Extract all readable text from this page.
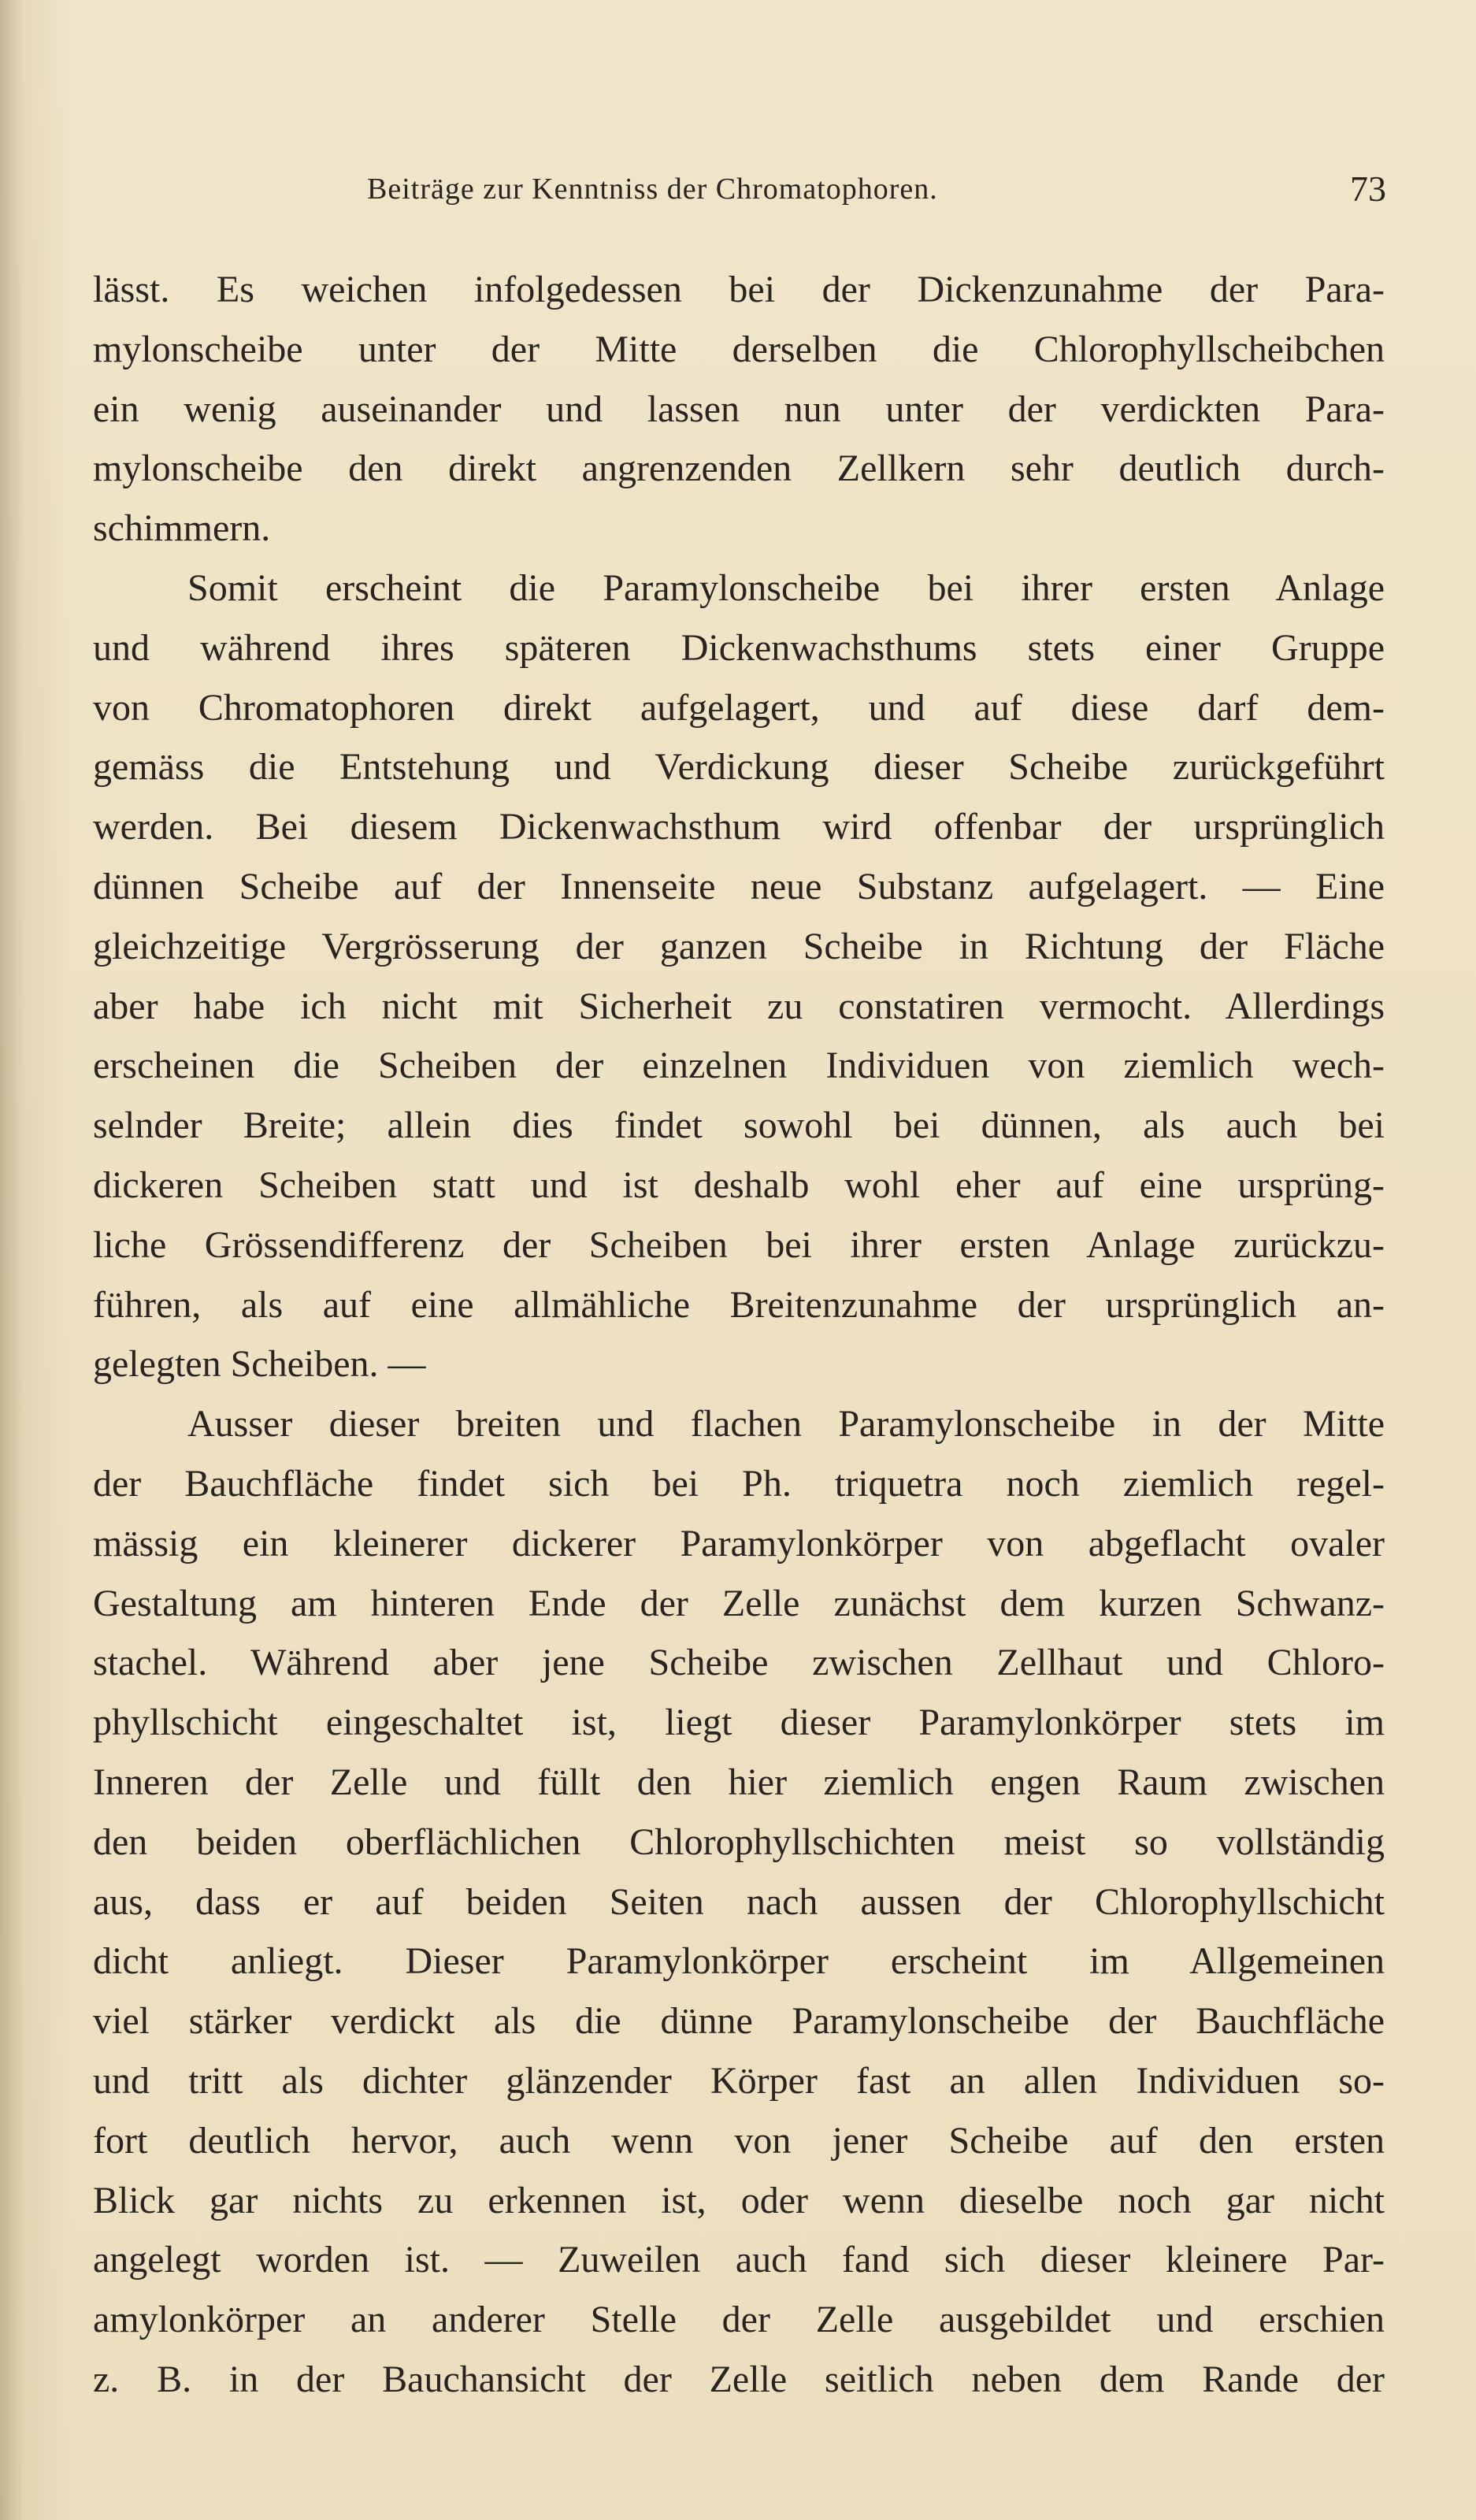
Beiträge zur Kenntniss der Chromatophoren.	73
lässt. Es weichen infolgedessen bei der Dickenzunahme der Para-
mylonscheibe unter der Mitte derselben die Chlorophyllscheibchen
ein wenig auseinander und lassen nun unter der verdickten Para-
mylonscheibe den direkt angrenzenden Zellkern sehr deutlich durch-
schimmern.
Somit erscheint die Paramylonscheibe bei ihrer ersten Anlage
und während ihres späteren Dickenwachsthums stets einer Gruppe
von Chromatophoren direkt aufgelagert, und auf diese darf dem-
gemäss die Entstehung und Verdickung dieser Scheibe zurückgeführt
werden. Bei diesem Dickenwachsthum wird offenbar der ursprünglich
dünnen Scheibe auf der Innenseite neue Substanz aufgelagert. — Eine
gleichzeitige Vergrösserung der ganzen Scheibe in Richtung der Fläche
aber habe ich nicht mit Sicherheit zu constatiren vermocht. Allerdings
erscheinen die Scheiben der einzelnen Individuen von ziemlich wech-
selnder Breite; allein dies findet sowohl bei dünnen, als auch bei
dickeren Scheiben statt und ist deshalb wohl eher auf eine ursprüng-
liche Grössendifferenz der Scheiben bei ihrer ersten Anlage zurückzu-
führen, als auf eine allmähliche Breitenzunahme der ursprünglich an-
gelegten Scheiben. —
Ausser dieser breiten und flachen Paramylonscheibe in der Mitte
der Bauchfläche findet sich bei Ph. triquetra noch ziemlich regel-
mässig ein kleinerer dickerer Paramylonkörper von abgeflacht ovaler
Gestaltung am hinteren Ende der Zelle zunächst dem kurzen Schwanz-
stachel. Während aber jene Scheibe zwischen Zellhaut und Chloro-
phyllschicht eingeschaltet ist, liegt dieser Paramylonkörper stets im
Inneren der Zelle und füllt den hier ziemlich engen Raum zwischen
den beiden oberflächlichen Chlorophyllschichten meist so vollständig
aus, dass er auf beiden Seiten nach aussen der Chlorophyllschicht
dicht anliegt. Dieser Paramylonkörper erscheint im Allgemeinen
viel stärker verdickt als die dünne Paramylonscheibe der Bauchfläche
und tritt als dichter glänzender Körper fast an allen Individuen so-
fort deutlich hervor, auch wenn von jener Scheibe auf den ersten
Blick gar nichts zu erkennen ist, oder wenn dieselbe noch gar nicht
angelegt worden ist. — Zuweilen auch fand sich dieser kleinere Par-
amylonkörper an anderer Stelle der Zelle ausgebildet und erschien
z. B. in der Bauchansicht der Zelle seitlich neben dem Rande der
